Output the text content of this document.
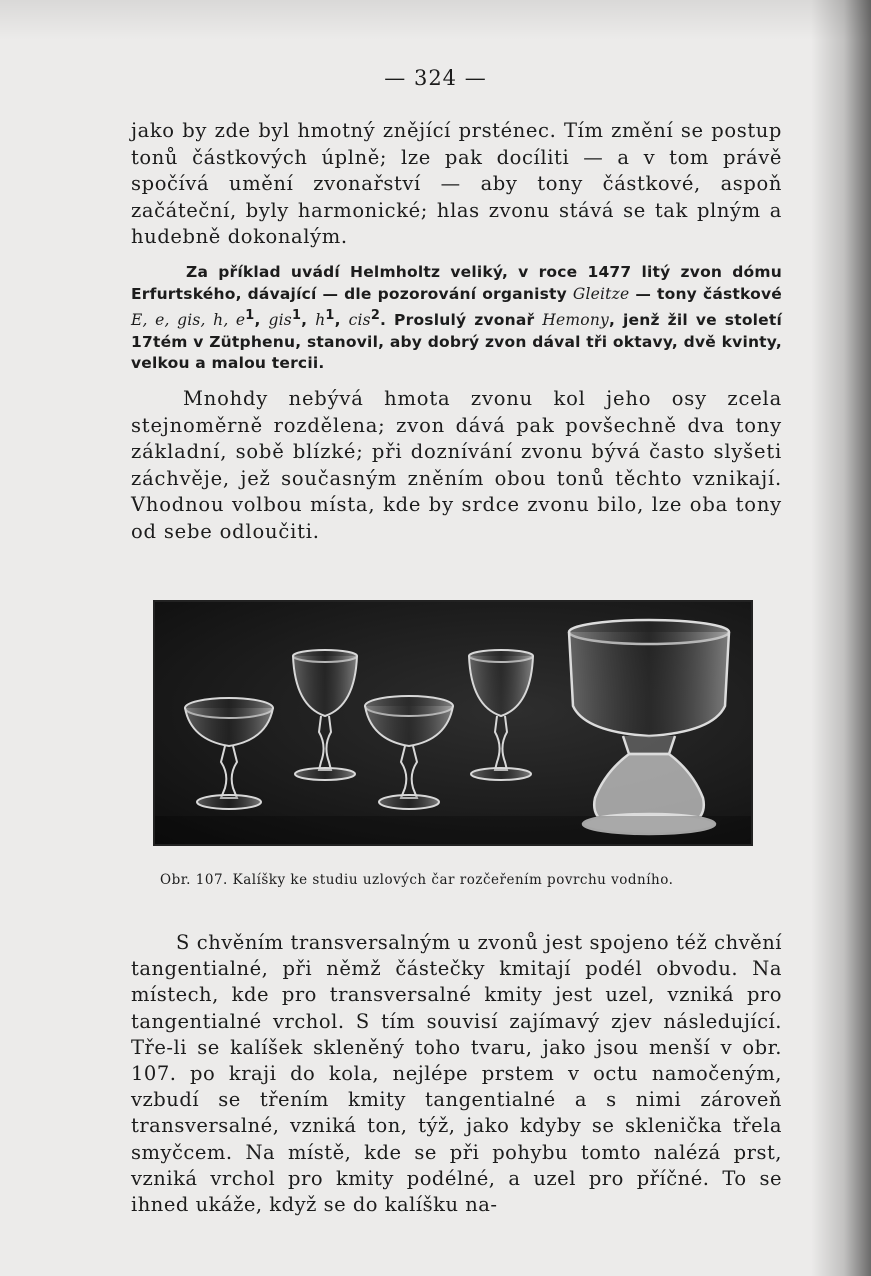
— 324 —

jako by zde byl hmotný znějící prsténec. Tím změní se postup tonů částkových úplně; lze pak docíliti — a v tom právě spočívá umění zvonařství — aby tony částkové, aspoň začáteční, byly harmonické; hlas zvonu stává se tak plným a hudebně dokonalým.

Za příklad uvádí Helmholtz veliký, v roce 1477 litý zvon dómu Erfurtského, dávající — dle pozorování organisty Gleitze — tony částkové E, e, gis, h, $e^1$, gis$^1$, $h^1$, cis$^2$. Proslulý zvonař Hemony, jenž žil ve století 17tém v Zütphenu, stanovil, aby dobrý zvon dával tři oktavy, dvě kvinty, velkou a malou tercii.

Mnohdy nebývá hmota zvonu kol jeho osy zcela stejnoměrně rozdělena; zvon dává pak povšechně dva tony základní, sobě blízké; při doznívání zvonu bývá často slyšeti záchvěje, jež současným zněním obou tonů těchto vznikají. Vhodnou volbou místa, kde by srdce zvonu bilo, lze oba tony od sebe odloučiti.

Obr. 107. Kalíšky ke studiu uzlových čar rozčeřením povrchu vodního.

S chvěním transversalným u zvonů jest spojeno též chvění tangentialné, při němž částečky kmitají podél obvodu. Na místech, kde pro transversalné kmity jest uzel, vzniká pro tangentialné vrchol. S tím souvisí zajímavý zjev následující. Tře-li se kalíšek skleněný toho tvaru, jako jsou menší v obr. 107. po kraji do kola, nejlépe prstem v octu namočeným, vzbudí se třením kmity tangentialné a s nimi zároveň transversalné, vzniká ton, týž, jako kdyby se sklenička třela smyčcem. Na místě, kde se při pohybu tomto nalézá prst, vzniká vrchol pro kmity podélné, a uzel pro příčné. To se ihned ukáže, když se do kalíšku na-
